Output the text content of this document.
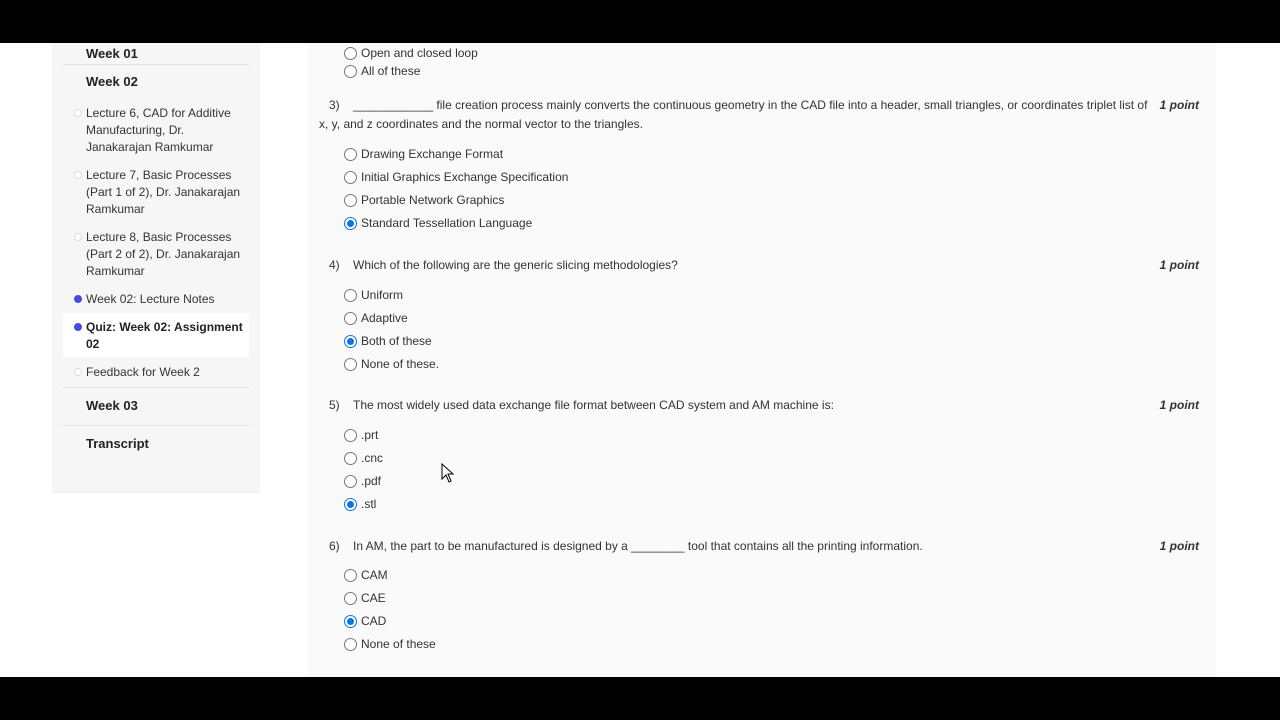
Week 01
Week 02
Lecture 6, CAD for Additive Manufacturing, Dr. Janakarajan Ramkumar
Lecture 7, Basic Processes (Part 1 of 2), Dr. Janakarajan Ramkumar
Lecture 8, Basic Processes (Part 2 of 2), Dr. Janakarajan Ramkumar
Week 02: Lecture Notes
Quiz: Week 02: Assignment 02
Feedback for Week 2
Week 03
Transcript
Open and closed loop
All of these
3) ____________ file creation process mainly converts the continuous geometry in the CAD file into a header, small triangles, or coordinates triplet list of x, y, and z coordinates and the normal vector to the triangles.
1 point
Drawing Exchange Format
Initial Graphics Exchange Specification
Portable Network Graphics
Standard Tessellation Language
4) Which of the following are the generic slicing methodologies?	1 point
Uniform
Adaptive
Both of these
None of these.
5) The most widely used data exchange file format between CAD system and AM machine is:	1 point
.prt
.cnc
.pdf
.stl
6) In AM, the part to be manufactured is designed by a ________ tool that contains all the printing information.	1 point
CAM
CAE
CAD
None of these
